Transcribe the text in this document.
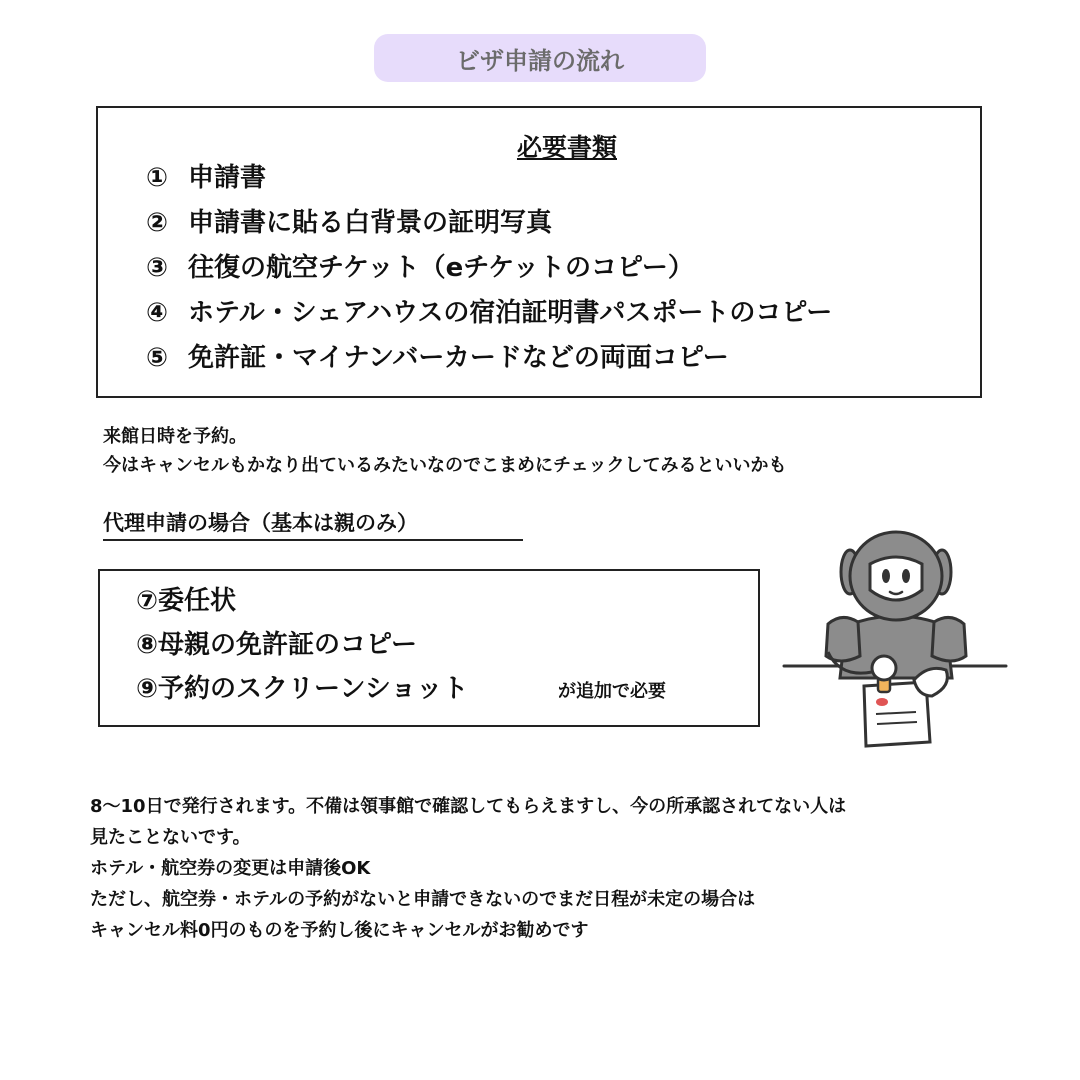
ビザ申請の流れ
必要書類
① 申請書
② 申請書に貼る白背景の証明写真
③ 往復の航空チケット（eチケットのコピー）
④ ホテル・シェアハウスの宿泊証明書パスポートのコピー
⑤ 免許証・マイナンバーカードなどの両面コピー
来館日時を予約。
今はキャンセルもかなり出ているみたいなのでこまめにチェックしてみるといいかも
代理申請の場合（基本は親のみ）
⑦委任状
⑧母親の免許証のコピー
⑨予約のスクリーンショット	が追加で必要
8〜10日で発行されます。不備は領事館で確認してもらえますし、今の所承認されてない人は
見たことないです。
ホテル・航空券の変更は申請後OK
ただし、航空券・ホテルの予約がないと申請できないのでまだ日程が未定の場合は
キャンセル料0円のものを予約し後にキャンセルがお勧めです
